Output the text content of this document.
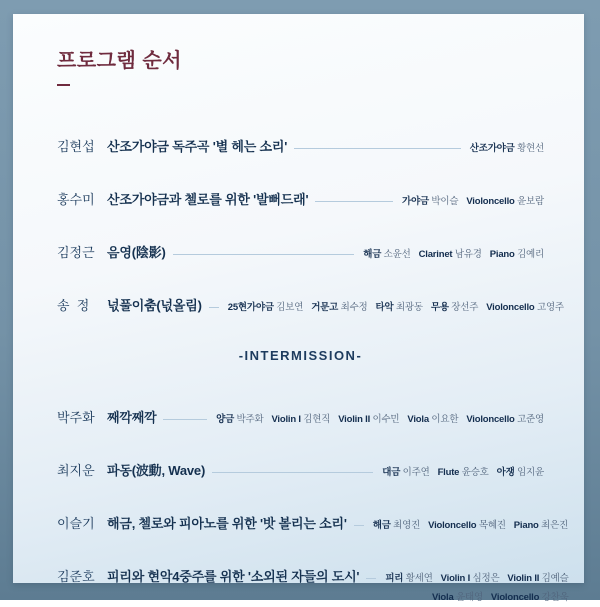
프로그램 순서
김현섭 산조가야금 독주곡 '별 헤는 소리'	산조가야금 황현선
홍수미 산조가야금과 첼로를 위한 '발뻐드래'	가야금 박이슬 Violoncello 윤보람
김정근 음영(陰影)	해금 소윤선 Clarinet 남유경 Piano 김예리
송  정	넋풀이춤(넋올림)	25현가야금 김보연 거문고 최수정 타악 최광동 무용 장선주 Violoncello 고영주
-INTERMISSION-
박주화 째깍째깍	양금 박주화 Violin I 김현직 Violin II 이수민 Viola 이요한 Violoncello 고준영
최지운 파동(波動, Wave)	대금 이주연 Flute 윤승호 아쟁 임지윤
이슬기 해금, 첼로와 피아노를 위한 '밧 볼리는 소리'	해금 최영진 Violoncello 목혜진 Piano 최은진
김준호 피리와 현악4중주를 위한 '소외된 자들의 도시'	피리 황세연 Violin I 심정은 Violin II 김예슬
Viola 윤태영 Violoncello 강찬욱
